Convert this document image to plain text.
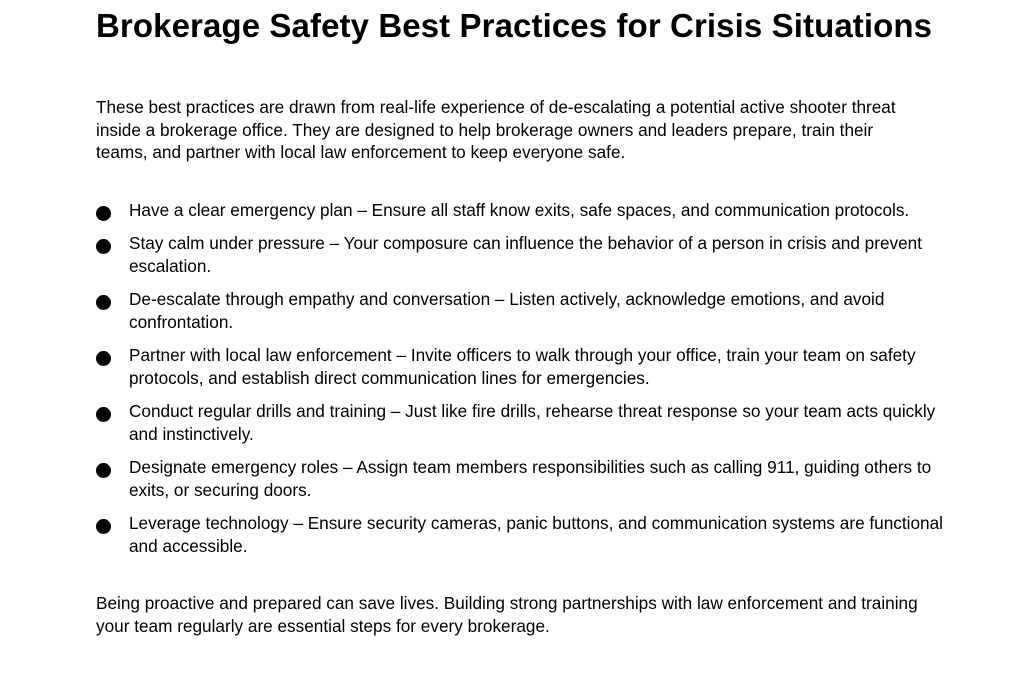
Brokerage Safety Best Practices for Crisis Situations

These best practices are drawn from real-life experience of de-escalating a potential active shooter threat inside a brokerage office. They are designed to help brokerage owners and leaders prepare, train their teams, and partner with local law enforcement to keep everyone safe.

Have a clear emergency plan – Ensure all staff know exits, safe spaces, and communication protocols.
Stay calm under pressure – Your composure can influence the behavior of a person in crisis and prevent escalation.
De-escalate through empathy and conversation – Listen actively, acknowledge emotions, and avoid confrontation.
Partner with local law enforcement – Invite officers to walk through your office, train your team on safety protocols, and establish direct communication lines for emergencies.
Conduct regular drills and training – Just like fire drills, rehearse threat response so your team acts quickly and instinctively.
Designate emergency roles – Assign team members responsibilities such as calling 911, guiding others to exits, or securing doors.
Leverage technology – Ensure security cameras, panic buttons, and communication systems are functional and accessible.

Being proactive and prepared can save lives. Building strong partnerships with law enforcement and training your team regularly are essential steps for every brokerage.
